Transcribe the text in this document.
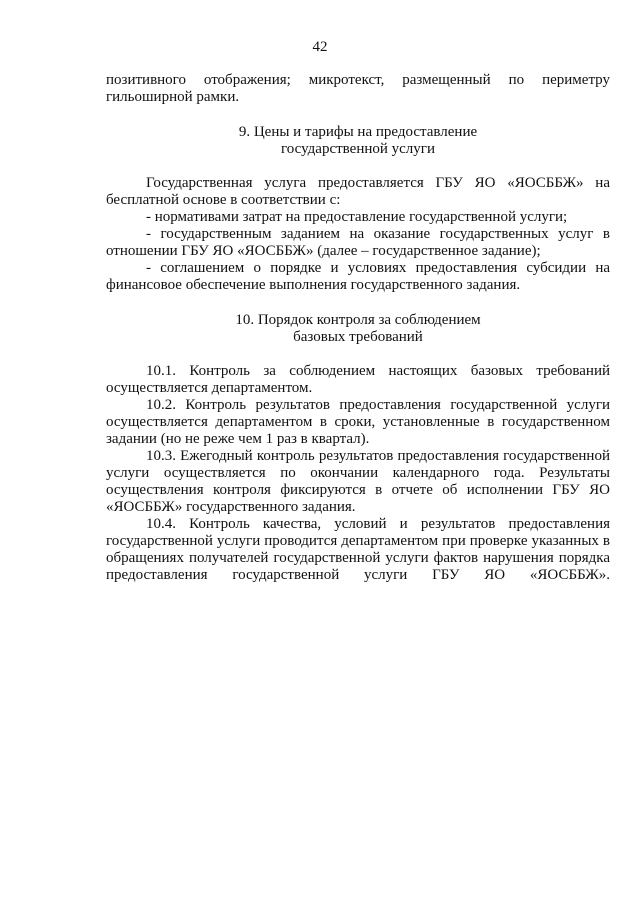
42

позитивного отображения; микротекст, размещенный по периметру гильоширной рамки.

9. Цены и тарифы на предоставление
государственной услуги

Государственная услуга предоставляется ГБУ ЯО «ЯОСББЖ» на бесплатной основе в соответствии с:

- нормативами затрат на предоставление государственной услуги;

- государственным заданием на оказание государственных услуг в отношении ГБУ ЯО «ЯОСББЖ» (далее – государственное задание);

- соглашением о порядке и условиях предоставления субсидии на финансовое обеспечение выполнения государственного задания.

10. Порядок контроля за соблюдением
базовых требований

10.1. Контроль за соблюдением настоящих базовых требований осуществляется департаментом.

10.2. Контроль результатов предоставления государственной услуги осуществляется департаментом в сроки, установленные в государственном задании (но не реже чем 1 раз в квартал).

10.3. Ежегодный контроль результатов предоставления государственной услуги осуществляется по окончании календарного года. Результаты осуществления контроля фиксируются в отчете об исполнении ГБУ ЯО «ЯОСББЖ» государственного задания.

10.4. Контроль качества, условий и результатов предоставления государственной услуги проводится департаментом при проверке указанных в обращениях получателей государственной услуги фактов нарушения порядка предоставления государственной услуги ГБУ ЯО «ЯОСББЖ».
